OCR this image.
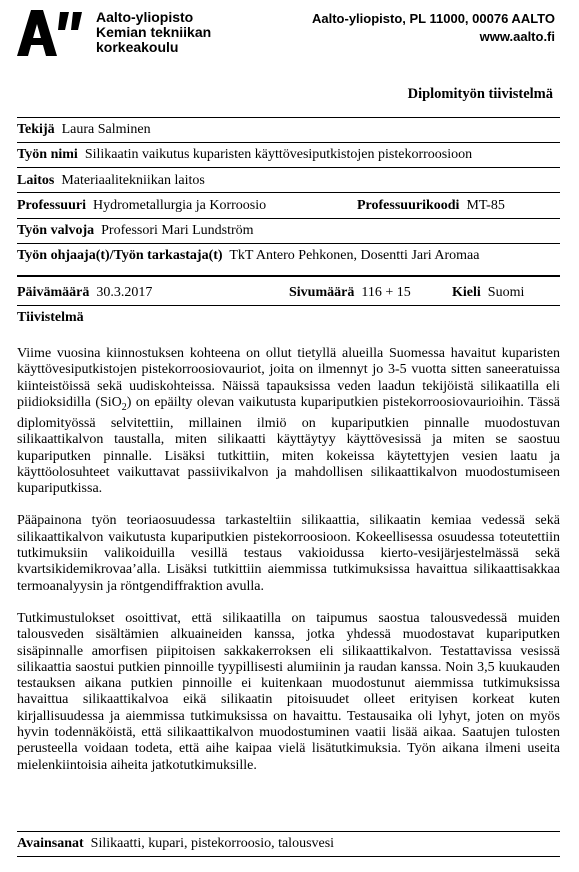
Aalto-yliopisto
Kemian tekniikan
korkeakoulu
Aalto-yliopisto, PL 11000, 00076 AALTO
www.aalto.fi
Diplomityön tiivistelmä
Tekijä Laura Salminen
Työn nimi Silikaatin vaikutus kuparisten käyttövesiputkistojen pistekorroosioon
Laitos Materiaalitekniikan laitos
Professuuri Hydrometallurgia ja Korroosio	Professuurikoodi MT-85
Työn valvoja Professori Mari Lundström
Työn ohjaaja(t)/Työn tarkastaja(t) TkT Antero Pehkonen, Dosentti Jari Aromaa
Päivämäärä 30.3.2017	Sivumäärä 116 + 15	Kieli Suomi
Tiivistelmä

Viime vuosina kiinnostuksen kohteena on ollut tietyllä alueilla Suomessa havaitut kuparisten käyttövesiputkistojen pistekorroosiovauriot, joita on ilmennyt jo 3-5 vuotta sitten saneeratuissa kiinteistöissä sekä uudiskohteissa. Näissä tapauksissa veden laadun tekijöistä silikaatilla eli piidioksidilla (SiO$_2$) on epäilty olevan vaikutusta kupariputkien pistekorroosiovaurioihin. Tässä diplomityössä selvitettiin, millainen ilmiö on kupariputkien pinnalle muodostuvan silikaattikalvon taustalla, miten silikaatti käyttäytyy käyttövesissä ja miten se saostuu kupariputken pinnalle. Lisäksi tutkittiin, miten kokeissa käytettyjen vesien laatu ja käyttöolosuhteet vaikuttavat passiivikalvon ja mahdollisen silikaattikalvon muodostumiseen kupariputkissa.

Pääpainona työn teoriaosuudessa tarkasteltiin silikaattia, silikaatin kemiaa vedessä sekä silikaattikalvon vaikutusta kupariputkien pistekorroosioon. Kokeellisessa osuudessa toteutettiin tutkimuksiin valikoiduilla vesillä testaus vakioidussa kierto-vesijärjestelmässä sekä kvartsikidemikrovaa’alla. Lisäksi tutkittiin aiemmissa tutkimuksissa havaittua silikaattisakkaa termoanalyysin ja röntgendiffraktion avulla.

Tutkimustulokset osoittivat, että silikaatilla on taipumus saostua talousvedessä muiden talousveden sisältämien alkuaineiden kanssa, jotka yhdessä muodostavat kupariputken sisäpinnalle amorfisen piipitoisen sakkakerroksen eli silikaattikalvon. Testattavissa vesissä silikaattia saostui putkien pinnoille tyypillisesti alumiinin ja raudan kanssa. Noin 3,5 kuukauden testauksen aikana putkien pinnoille ei kuitenkaan muodostunut aiemmissa tutkimuksissa havaittua silikaattikalvoa eikä silikaatin pitoisuudet olleet erityisen korkeat kuten kirjallisuudessa ja aiemmissa tutkimuksissa on havaittu. Testausaika oli lyhyt, joten on myös hyvin todennäköistä, että silikaattikalvon muodostuminen vaatii lisää aikaa. Saatujen tulosten perusteella voidaan todeta, että aihe kaipaa vielä lisätutkimuksia. Työn aikana ilmeni useita mielenkiintoisia aiheita jatkotutkimuksille.

Avainsanat Silikaatti, kupari, pistekorroosio, talousvesi
